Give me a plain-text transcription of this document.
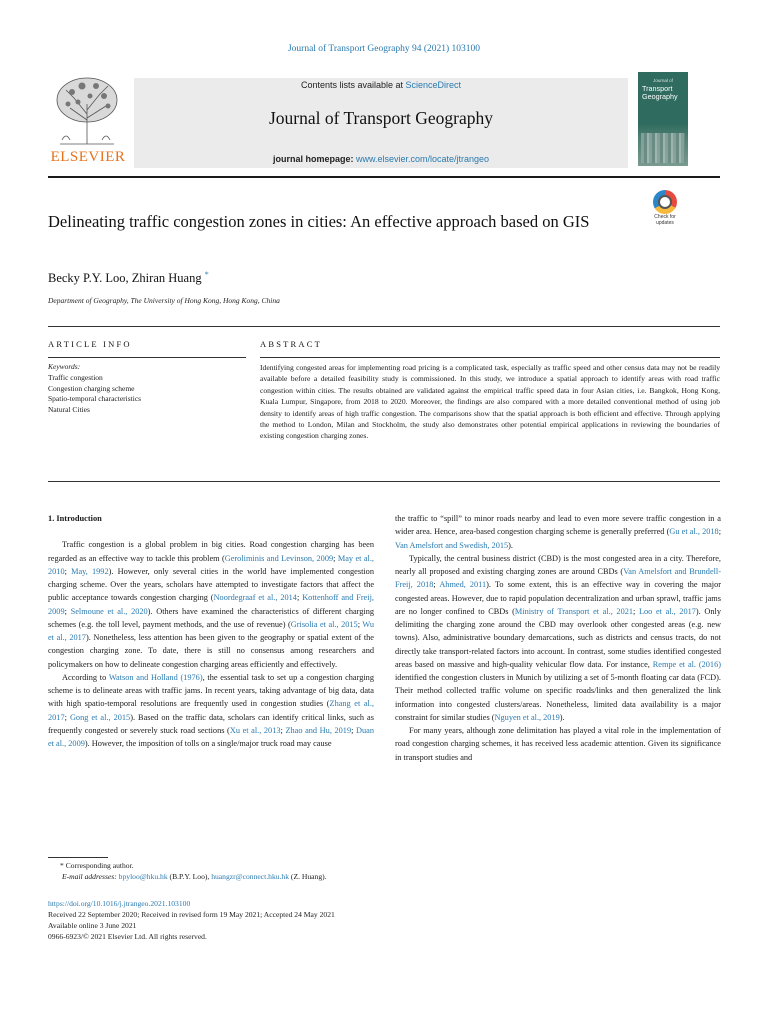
Journal of Transport Geography 94 (2021) 103100
ELSEVIER
Contents lists available at ScienceDirect
Journal of Transport Geography
journal homepage: www.elsevier.com/locate/jtrangeo
Journal of
Transport
Geography
Delineating traffic congestion zones in cities: An effective approach based on GIS	Check for
updates
Becky P.Y. Loo, Zhiran Huang *
Department of Geography, The University of Hong Kong, Hong Kong, China
ARTICLE INFO	ABSTRACT
Keywords:
Traffic congestion
Congestion charging scheme
Spatio-temporal characteristics
Natural Cities
Identifying congested areas for implementing road pricing is a complicated task, especially as traffic speed and other census data may not be readily available before a detailed feasibility study is commissioned. In this study, we introduce a spatial approach to identify areas with road traffic congestion within cities. The results obtained are validated against the empirical traffic speed data in four Asian cities, i.e. Bangkok, Hong Kong, Kuala Lumpur, Singapore, from 2018 to 2020. Moreover, the findings are also compared with a more detailed conventional method of using job density to identify areas of high traffic congestion. The comparisons show that the spatial approach is both efficient and effective. Through applying the method to London, Milan and Stockholm, the study also demonstrates other potential empirical applications in reviewing the boundaries of existing congestion charging zones.
1. Introduction

Traffic congestion is a global problem in big cities. Road congestion charging has been regarded as an effective way to tackle this problem (Geroliminis and Levinson, 2009; May et al., 2010; May, 1992). However, only several cities in the world have implemented congestion charging scheme. Over the years, scholars have attempted to investigate factors that affect the public acceptance towards congestion charging (Noordegraaf et al., 2014; Kottenhoff and Freij, 2009; Selmoune et al., 2020). Others have examined the characteristics of different charging schemes (e.g. the toll level, payment methods, and the use of revenue) (Grisolia et al., 2015; Wu et al., 2017). Nonetheless, less attention has been given to the geography or spatial extent of the congestion charging zone. To date, there is still no consensus among researchers and policymakers on how to delineate congestion charging areas efficiently and effectively.

According to Watson and Holland (1976), the essential task to set up a congestion charging scheme is to delineate areas with traffic jams. In recent years, taking advantage of big data, data with high spatio-temporal resolutions are frequently used in congestion studies (Zhang et al., 2017; Gong et al., 2015). Based on the traffic data, scholars can identify critical links, such as frequently congested or severely stuck road sections (Xu et al., 2013; Zhao and Hu, 2019; Duan et al., 2009). However, the imposition of tolls on a single/major truck road may cause

the traffic to “spill” to minor roads nearby and lead to even more severe traffic congestion in a wider area. Hence, area-based congestion charging scheme is generally preferred (Gu et al., 2018; Van Amelsfort and Swedish, 2015).

Typically, the central business district (CBD) is the most congested area in a city. Therefore, nearly all proposed and existing charging zones are around CBDs (Van Amelsfort and Brundell-Freij, 2018; Ahmed, 2011). To some extent, this is an effective way in covering the major congested areas. However, due to rapid population decentralization and urban sprawl, traffic jams are no longer confined to CBDs (Ministry of Transport et al., 2021; Loo et al., 2017). Only delimiting the charging zone around the CBD may overlook other congested areas (e.g. new towns). Also, administrative boundary demarcations, such as districts and census tracts, do not directly take transport-related factors into account. In contrast, some studies identified congested areas based on massive and high-quality vehicular flow data. For instance, Rempe et al. (2016) identified the congestion clusters in Munich by utilizing a set of 5-month floating car data (FCD). Their method collected traffic volume on specific roads/links and then generalized the link information into congested clusters/areas. Nonetheless, limited data availability is a major constraint for similar studies (Nguyen et al., 2019).

For many years, although zone delimitation has played a vital role in the implementation of road congestion charging schemes, it has received less academic attention. Given its significance in transport studies and

* Corresponding author.
E-mail addresses: bpyloo@hku.hk (B.P.Y. Loo), huangzr@connect.hku.hk (Z. Huang).
https://doi.org/10.1016/j.jtrangeo.2021.103100
Received 22 September 2020; Received in revised form 19 May 2021; Accepted 24 May 2021
Available online 3 June 2021
0966-6923/© 2021 Elsevier Ltd. All rights reserved.
